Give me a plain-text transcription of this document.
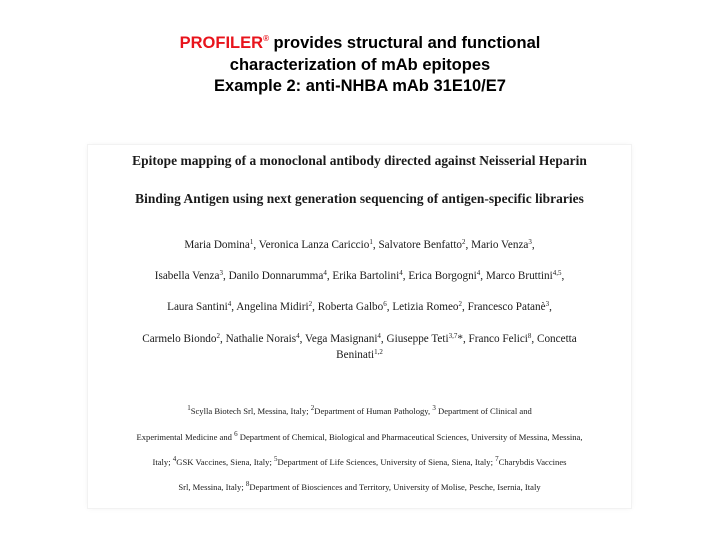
PROFILER® provides structural and functional
characterization of mAb epitopes
Example 2: anti-NHBA mAb 31E10/E7
Epitope mapping of a monoclonal antibody directed against Neisserial Heparin
Binding Antigen using next generation sequencing of antigen-specific libraries
Maria Domina$^1$, Veronica Lanza Cariccio$^1$, Salvatore Benfatto$^2$, Mario Venza$^3$,
Isabella Venza$^3$, Danilo Donnarumma$^4$, Erika Bartolini$^4$, Erica Borgogni$^4$, Marco Bruttini$^{4,5}$,
Laura Santini$^4$, Angelina Midiri$^2$, Roberta Galbo$^6$, Letizia Romeo$^2$, Francesco Patanè$^3$,
Carmelo Biondo$^2$, Nathalie Norais$^4$, Vega Masignani$^4$, Giuseppe Teti$^{3,7}$*, Franco Felici$^8$, Concetta
Beninati$^{1,2}$
$^1$Scylla Biotech Srl, Messina, Italy; $^2$Department of Human Pathology, $^3$ Department of Clinical and
Experimental Medicine and $^6$ Department of Chemical, Biological and Pharmaceutical Sciences, University of Messina, Messina,
Italy; $^4$GSK Vaccines, Siena, Italy; $^5$Department of Life Sciences, University of Siena, Siena, Italy; $^7$Charybdis Vaccines
Srl, Messina, Italy; $^8$Department of Biosciences and Territory, University of Molise, Pesche, Isernia, Italy
